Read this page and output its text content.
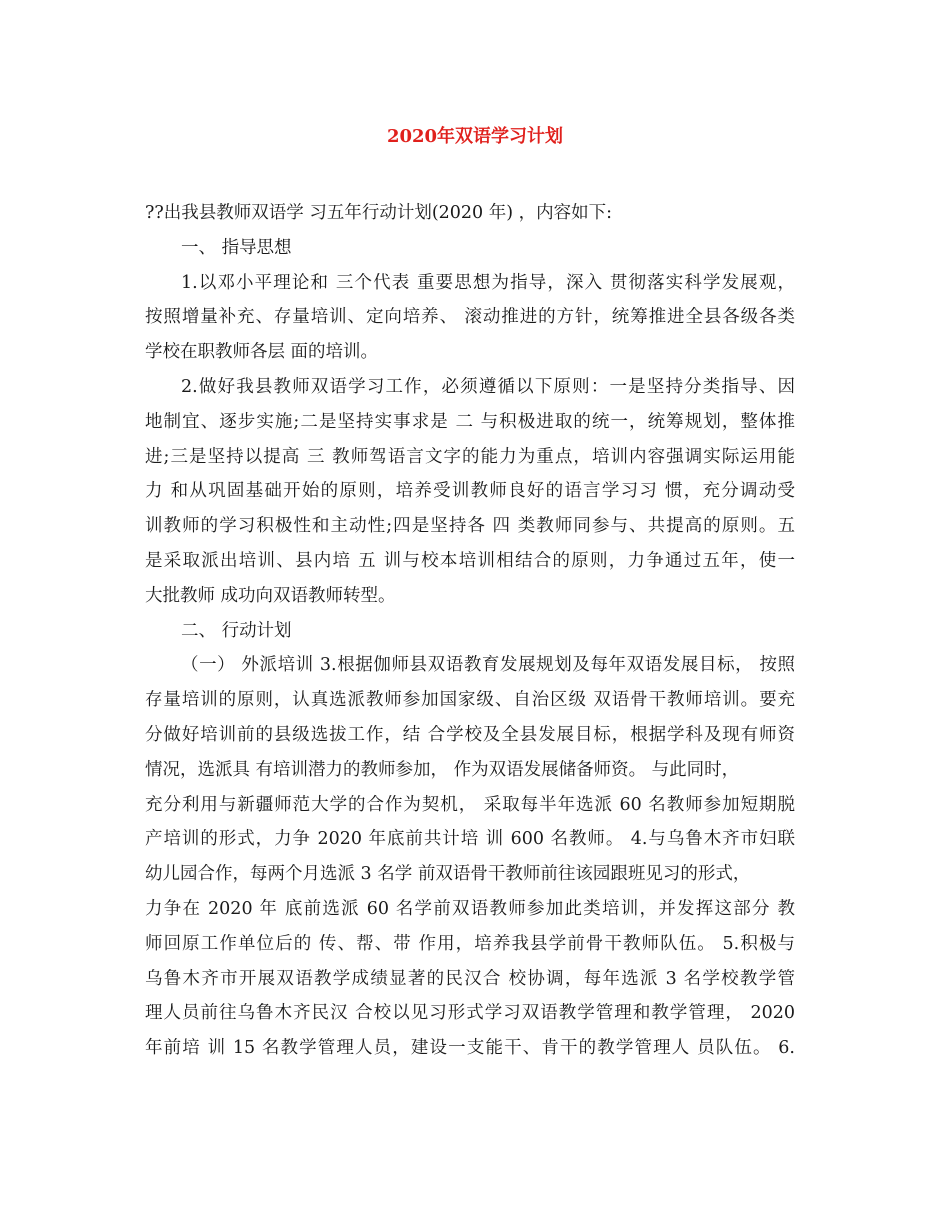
2020年双语学习计划
??出我县教师双语学 习五年行动计划(2020 年) ，内容如下:
一、 指导思想
1.以邓小平理论和 三个代表 重要思想为指导，深入 贯彻落实科学发展观，
按照增量补充、存量培训、定向培养、 滚动推进的方针，统筹推进全县各级各类
学校在职教师各层 面的培训。
2.做好我县教师双语学习工作，必须遵循以下原则：一是坚持分类指导、因
地制宜、逐步实施;二是坚持实事求是 二 与积极进取的统一，统筹规划，整体推
进;三是坚持以提高 三 教师驾语言文字的能力为重点，培训内容强调实际运用能
力 和从巩固基础开始的原则，培养受训教师良好的语言学习习 惯，充分调动受
训教师的学习积极性和主动性;四是坚持各 四 类教师同参与、共提高的原则。五
是采取派出培训、县内培 五 训与校本培训相结合的原则，力争通过五年，使一
大批教师 成功向双语教师转型。
二、 行动计划
（一） 外派培训 3.根据伽师县双语教育发展规划及每年双语发展目标， 按照
存量培训的原则，认真选派教师参加国家级、自治区级 双语骨干教师培训。要充
分做好培训前的县级选拔工作，结 合学校及全县发展目标，根据学科及现有师资
情况，选派具 有培训潜力的教师参加， 作为双语发展储备师资。 与此同时，
充分利用与新疆师范大学的合作为契机， 采取每半年选派 60 名教师参加短期脱
产培训的形式，力争 2020 年底前共计培 训 600 名教师。 4.与乌鲁木齐市妇联
幼儿园合作，每两个月选派 3 名学 前双语骨干教师前往该园跟班见习的形式，
力争在 2020 年 底前选派 60 名学前双语教师参加此类培训，并发挥这部分 教
师回原工作单位后的 传、帮、带 作用，培养我县学前骨干教师队伍。 5.积极与
乌鲁木齐市开展双语教学成绩显著的民汉合 校协调，每年选派 3 名学校教学管
理人员前往乌鲁木齐民汉 合校以见习形式学习双语教学管理和教学管理， 2020
年前培 训 15 名教学管理人员，建设一支能干、肯干的教学管理人 员队伍。 6.
